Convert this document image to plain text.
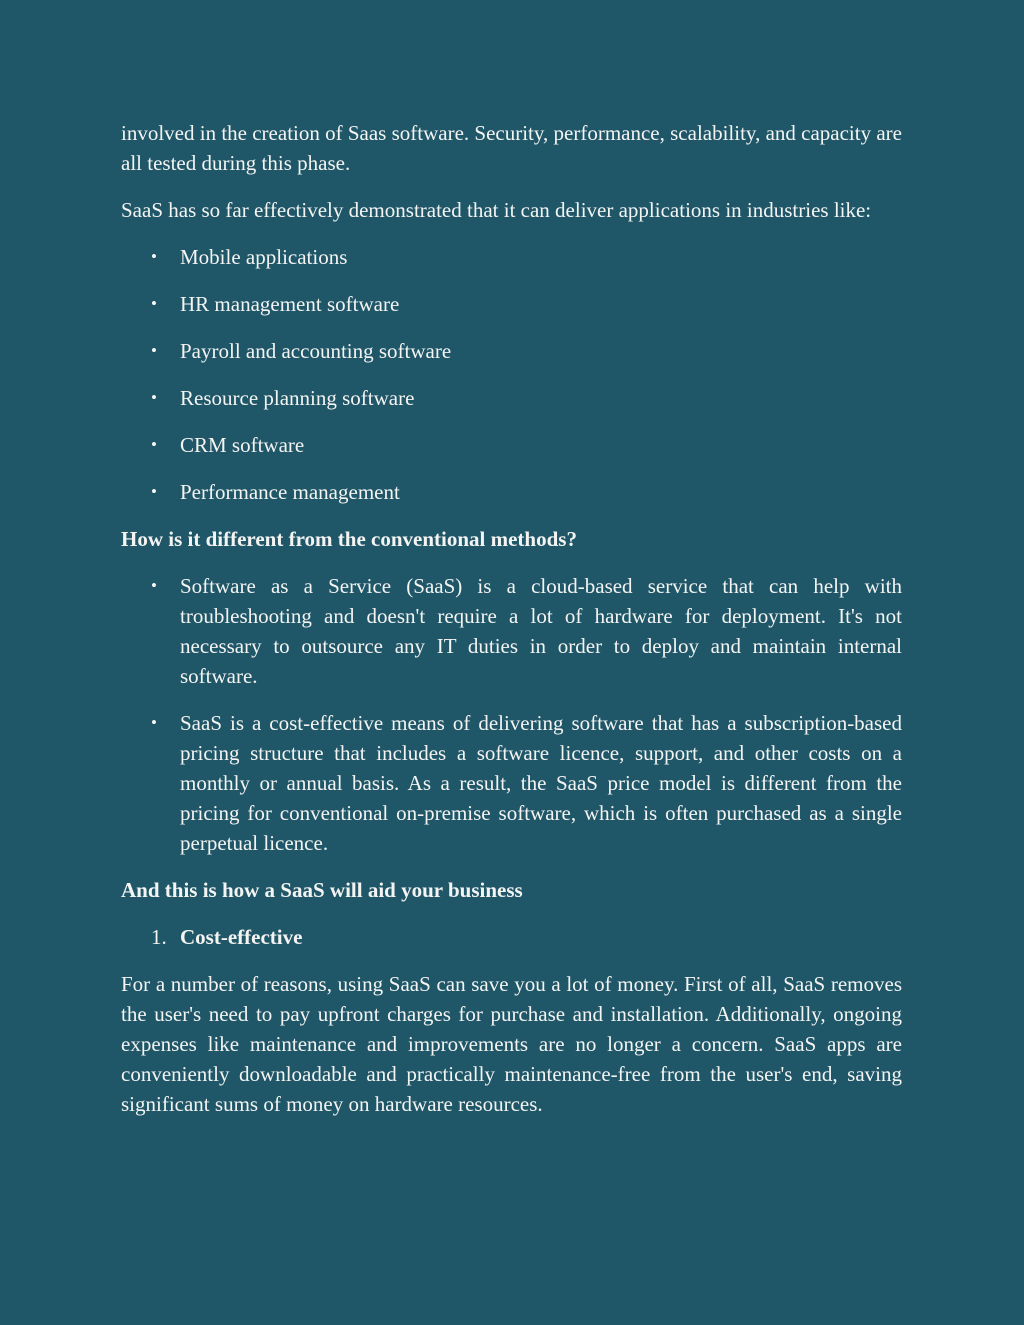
involved in the creation of Saas software. Security, performance, scalability, and capacity are all tested during this phase.

SaaS has so far effectively demonstrated that it can deliver applications in industries like:

• Mobile applications
• HR management software
• Payroll and accounting software
• Resource planning software
• CRM software
• Performance management

How is it different from the conventional methods?

• Software as a Service (SaaS) is a cloud-based service that can help with troubleshooting and doesn't require a lot of hardware for deployment. It's not necessary to outsource any IT duties in order to deploy and maintain internal software.
• SaaS is a cost-effective means of delivering software that has a subscription-based pricing structure that includes a software licence, support, and other costs on a monthly or annual basis. As a result, the SaaS price model is different from the pricing for conventional on-premise software, which is often purchased as a single perpetual licence.

And this is how a SaaS will aid your business

1. Cost-effective

For a number of reasons, using SaaS can save you a lot of money. First of all, SaaS removes the user's need to pay upfront charges for purchase and installation. Additionally, ongoing expenses like maintenance and improvements are no longer a concern. SaaS apps are conveniently downloadable and practically maintenance-free from the user's end, saving significant sums of money on hardware resources.
